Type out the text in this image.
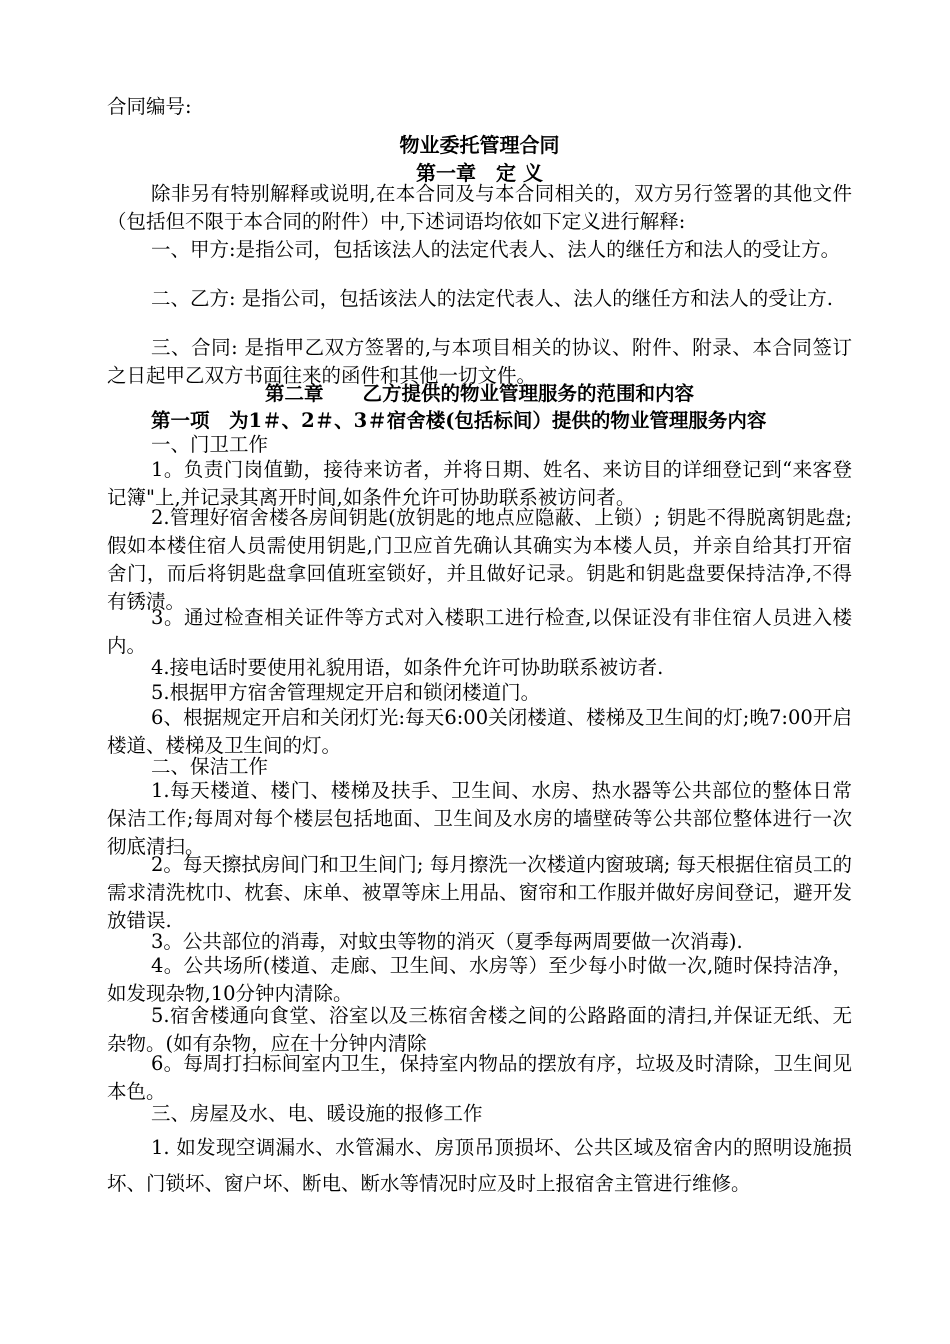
合同编号:

物业委托管理合同

第一章　定 义

除非另有特别解释或说明,在本合同及与本合同相关的，双方另行签署的其他文件（包括但不限于本合同的附件）中,下述词语均依如下定义进行解释:

一、甲方:是指公司，包括该法人的法定代表人、法人的继任方和法人的受让方。

二、乙方: 是指公司，包括该法人的法定代表人、法人的继任方和法人的受让方.

三、合同: 是指甲乙双方签署的,与本项目相关的协议、附件、附录、本合同签订之日起甲乙双方书面往来的函件和其他一切文件。

第二章　　乙方提供的物业管理服务的范围和内容

第一项　为1＃、2＃、3＃宿舍楼(包括标间）提供的物业管理服务内容

一、门卫工作

1。负责门岗值勤，接待来访者，并将日期、姓名、来访目的详细登记到“来客登记簿"上,并记录其离开时间,如条件允许可协助联系被访问者。

2.管理好宿舍楼各房间钥匙(放钥匙的地点应隐蔽、上锁）; 钥匙不得脱离钥匙盘; 假如本楼住宿人员需使用钥匙,门卫应首先确认其确实为本楼人员，并亲自给其打开宿舍门，而后将钥匙盘拿回值班室锁好，并且做好记录。钥匙和钥匙盘要保持洁净,不得有锈渍。

3。通过检查相关证件等方式对入楼职工进行检查,以保证没有非住宿人员进入楼内。

4.接电话时要使用礼貌用语，如条件允许可协助联系被访者.

5.根据甲方宿舍管理规定开启和锁闭楼道门。

6、根据规定开启和关闭灯光:每天6:00关闭楼道、楼梯及卫生间的灯;晚7:00开启楼道、楼梯及卫生间的灯。

二、保洁工作

1.每天楼道、楼门、楼梯及扶手、卫生间、水房、热水器等公共部位的整体日常保洁工作;每周对每个楼层包括地面、卫生间及水房的墙壁砖等公共部位整体进行一次彻底清扫。

2。每天擦拭房间门和卫生间门; 每月擦洗一次楼道内窗玻璃; 每天根据住宿员工的需求清洗枕巾、枕套、床单、被罩等床上用品、窗帘和工作服并做好房间登记，避开发放错误.

3。公共部位的消毒，对蚊虫等物的消灭（夏季每两周要做一次消毒).

4。公共场所(楼道、走廊、卫生间、水房等）至少每小时做一次,随时保持洁净，如发现杂物,10分钟内清除。

5.宿舍楼通向食堂、浴室以及三栋宿舍楼之间的公路路面的清扫,并保证无纸、无杂物。(如有杂物，应在十分钟内清除

6。每周打扫标间室内卫生，保持室内物品的摆放有序，垃圾及时清除，卫生间见本色。

三、房屋及水、电、暖设施的报修工作

1. 如发现空调漏水、水管漏水、房顶吊顶损坏、公共区域及宿舍内的照明设施损坏、门锁坏、窗户坏、断电、断水等情况时应及时上报宿舍主管进行维修。
